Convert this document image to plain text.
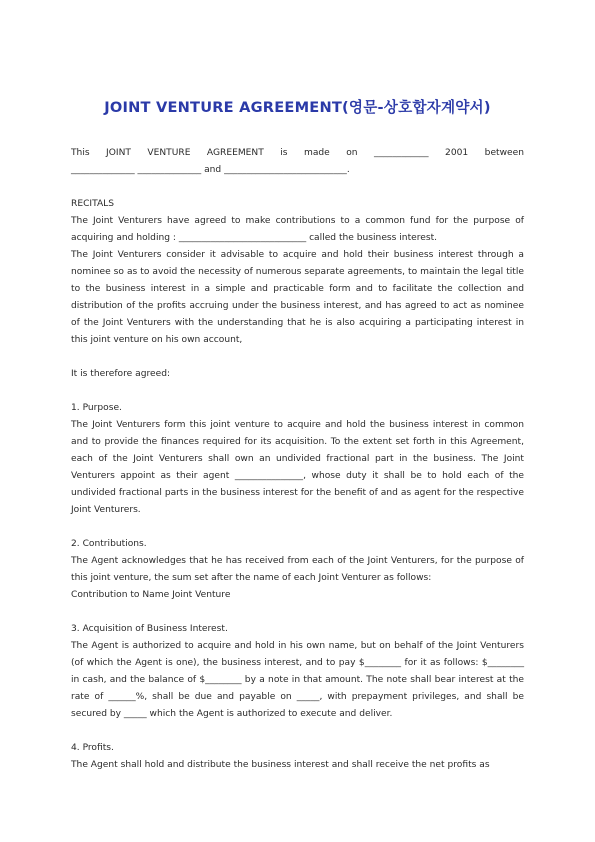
JOINT VENTURE AGREEMENT(영문-상호합자계약서)

This JOINT VENTURE AGREEMENT is made on ____________ 2001 between

______________ ______________ and ___________________________.

RECITALS

The Joint Venturers have agreed to make contributions to a common fund for the purpose of acquiring and holding : ____________________________ called the business interest.

The Joint Venturers consider it advisable to acquire and hold their business interest through a nominee so as to avoid the necessity of numerous separate agreements, to maintain the legal title to the business interest in a simple and practicable form and to facilitate the collection and distribution of the profits accruing under the business interest, and has agreed to act as nominee of the Joint Venturers with the understanding that he is also acquiring a participating interest in this joint venture on his own account,

It is therefore agreed:

1. Purpose.

The Joint Venturers form this joint venture to acquire and hold the business interest in common and to provide the finances required for its acquisition. To the extent set forth in this Agreement, each of the Joint Venturers shall own an undivided fractional part in the business. The Joint Venturers appoint as their agent _______________, whose duty it shall be to hold each of the undivided fractional parts in the business interest for the benefit of and as agent for the respective Joint Venturers.

2. Contributions.

The Agent acknowledges that he has received from each of the Joint Venturers, for the purpose of this joint venture, the sum set after the name of each Joint Venturer as follows:

Contribution to Name Joint Venture

3. Acquisition of Business Interest.

The Agent is authorized to acquire and hold in his own name, but on behalf of the Joint Venturers (of which the Agent is one), the business interest, and to pay $________ for it as follows: $________ in cash, and the balance of $________ by a note in that amount. The note shall bear interest at the rate of ______%, shall be due and payable on _____, with prepayment privileges, and shall be secured by _____ which the Agent is authorized to execute and deliver.

4. Profits.

The Agent shall hold and distribute the business interest and shall receive the net profits as
